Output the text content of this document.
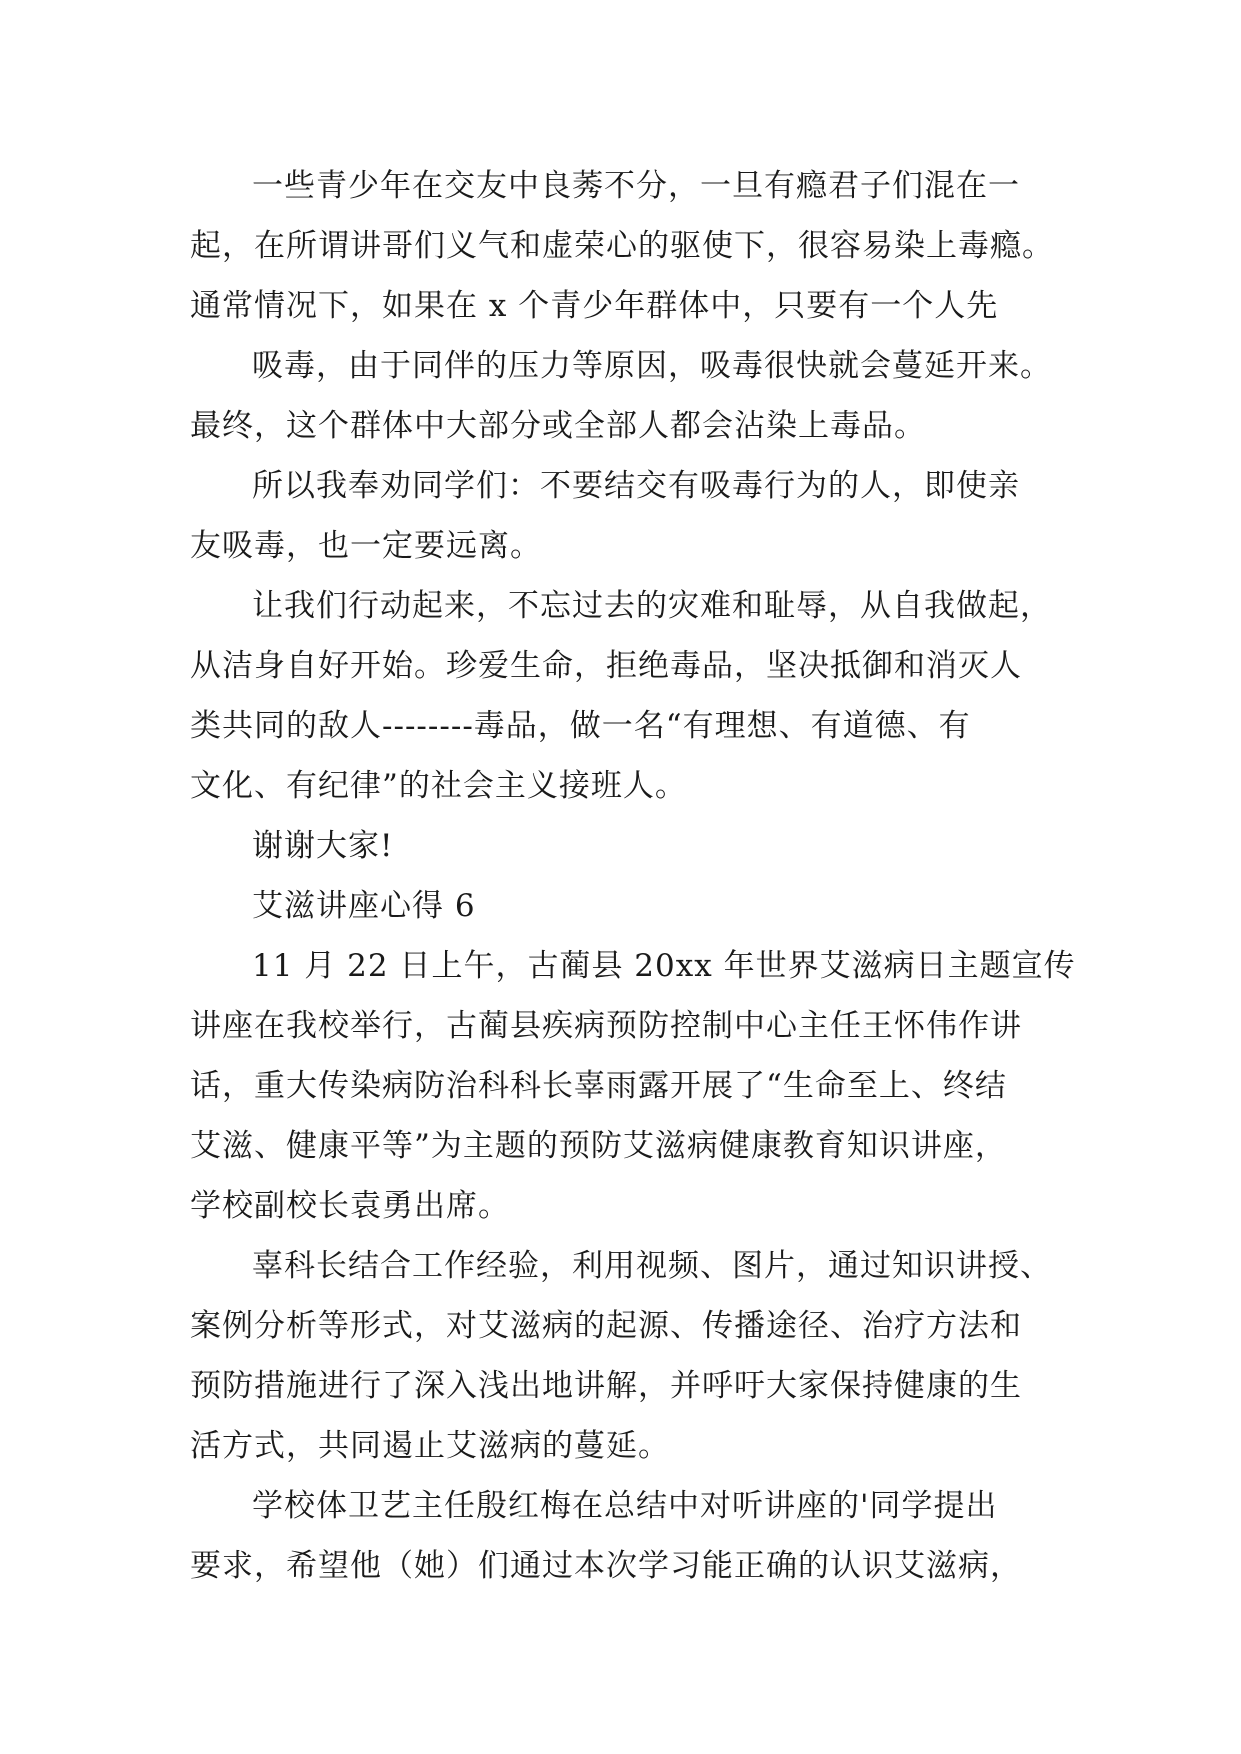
一些青少年在交友中良莠不分，一旦有瘾君子们混在一
起，在所谓讲哥们义气和虚荣心的驱使下，很容易染上毒瘾。
通常情况下，如果在 x 个青少年群体中，只要有一个人先

吸毒，由于同伴的压力等原因，吸毒很快就会蔓延开来。
最终，这个群体中大部分或全部人都会沾染上毒品。

所以我奉劝同学们：不要结交有吸毒行为的人，即使亲
友吸毒，也一定要远离。

让我们行动起来，不忘过去的灾难和耻辱，从自我做起，
从洁身自好开始。珍爱生命，拒绝毒品，坚决抵御和消灭人
类共同的敌人--------毒品，做一名“有理想、有道德、有
文化、有纪律”的社会主义接班人。

谢谢大家!

艾滋讲座心得 6

11 月 22 日上午，古蔺县 20xx 年世界艾滋病日主题宣传
讲座在我校举行，古蔺县疾病预防控制中心主任王怀伟作讲
话，重大传染病防治科科长辜雨露开展了“生命至上、终结
艾滋、健康平等”为主题的预防艾滋病健康教育知识讲座，
学校副校长袁勇出席。

辜科长结合工作经验，利用视频、图片，通过知识讲授、
案例分析等形式，对艾滋病的起源、传播途径、治疗方法和
预防措施进行了深入浅出地讲解，并呼吁大家保持健康的生
活方式，共同遏止艾滋病的蔓延。

学校体卫艺主任殷红梅在总结中对听讲座的'同学提出
要求，希望他（她）们通过本次学习能正确的认识艾滋病，
